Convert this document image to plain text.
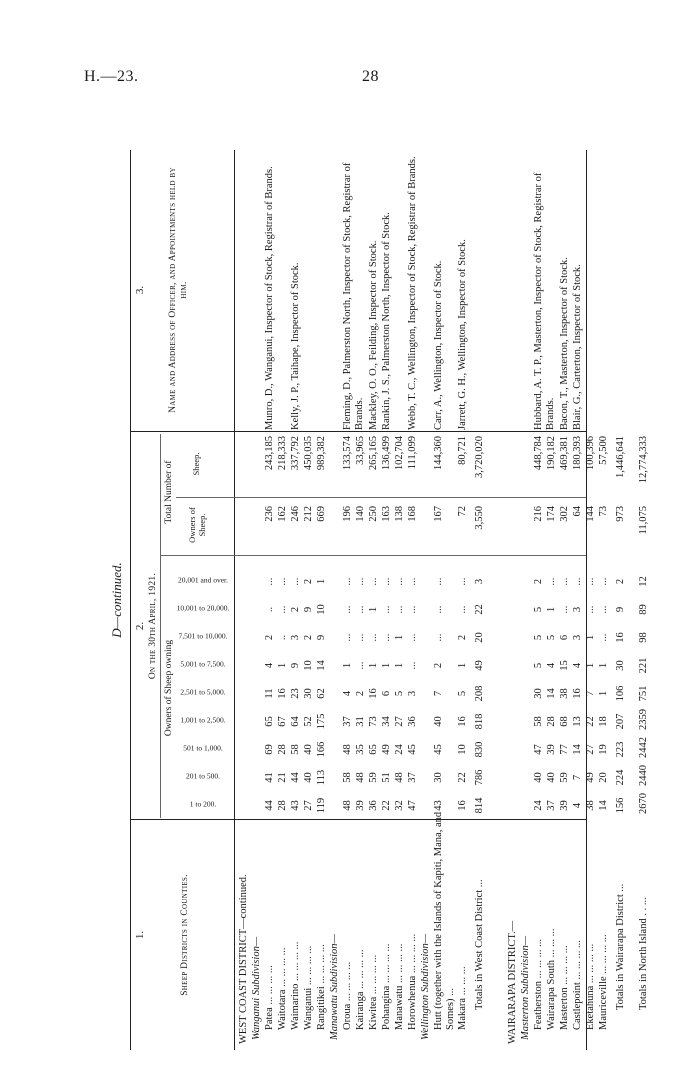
H.—23.	28
D—continued.
1.
2.
3.
Sheep Districts in Counties.
On the 30th April, 1921.
Owners of Sheep owning
Total Number of
Name and Address of Officer, and Appointments held by him.
1 to 200.
201 to 500.
501 to 1,000.
1,001 to 2,500.
2,501 to 5,000.
5,001 to 7,500.
7,501 to 10,000.
10,001 to 20,000.
20,001 and over.
Owners of Sheep.
Sheep.
WEST COAST DISTRICT—continued. Wanganui Subdivision— Patea ... ... ... ...
44
41
69
65
11
4
2
..
...
236
243,185
Munro, D., Wanganui, Inspector of Stock, Registrar of Brands.
Waitotara ... ... ... ...
28
21
28
67
16
1
..
...
...
162
218,333
Waimarino ... ... ... ...
43
44
58
64
23
9
3
2
...
246
337,792
Kelly, J. P., Taihape, Inspector of Stock.
Wanganui ... ... ... ...
27
40
40
52
30
10
2
9
2
212
450,035
Rangitikei ... ... ... ...
119
113
166
175
62
14
9
10
1
669
989,382
Manawatu Subdivision— Oroua ... ... ... ...
48
58
48
37
4
1
...
...
...
196
133,574
Fleming, D., Palmerston North, Inspector of Stock, Registrar of Brands.
Kairanga ... ... ... ...
39
48
35
31
2
...
...
...
...
140
33,965
Kiwitea ... ... ... ...
36
59
65
73
16
1
...
1
...
250
265,165
Mackley, O. O., Feilding, Inspector of Stock.
Pohangina ... ... ... ...
22
51
49
34
6
1
...
...
...
163
136,499
Rankin, J. S., Palmerston North, Inspector of Stock.
Manawatu ... ... ... ...
32
48
24
27
5
1
1
...
...
138
102,704
Horowhenua ... ... ... ...
47
37
45
36
3
...
...
...
...
168
111,099
Webb, T. C., Wellington, Inspector of Stock, Registrar of Brands.
Wellington Subdivision— Hutt (together with the Islands of Kapiti, Mana, and Somes) ...
43
30
45
40
7
2
...
...
...
167
144,360
Carr, A., Wellington, Inspector of Stock.
Makara ... ... ...
16
22
10
16
5
1
2
...
...
72
80,721
Jarrett, G. H., Wellington, Inspector of Stock.
Totals in West Coast District ...
814
786
830
818
208
49
20
22
3
3,550
3,720,020
WAIRARAPA DISTRICT.— Masterton Subdivision— Featherston ... ... ... ...
24
40
47
58
30
5
5
5
2
216
448,784
Hubbard, A. T. P., Masterton, Inspector of Stock, Registrar of Brands.
Wairarapa South ... ... ...
37
40
39
28
14
4
5
1
...
174
190,182
Masterton ... ... ... ...
39
59
77
68
38
15
6
...
...
302
469,381
Bacon, T., Masterton, Inspector of Stock.
Castlepoint ... ... ... ...
4
7
14
13
16
4
3
3
...
64
180,393
Blair, G., Carterton, Inspector of Stock.
Eketahuna ... ... ... ...
38
49
27
22
7
1
1
...
...
144
100,396
Mauriceville ... ... ... ...
14
20
19
18
1
1
...
...
...
73
57,500
Totals in Wairarapa District ...
156
224
223
207
106
30
16
9
2
973
1,446,641
Totals in North Island . . ...
2670
2440
2442
2359
751
221
98
89
12
11,075
12,774,333
